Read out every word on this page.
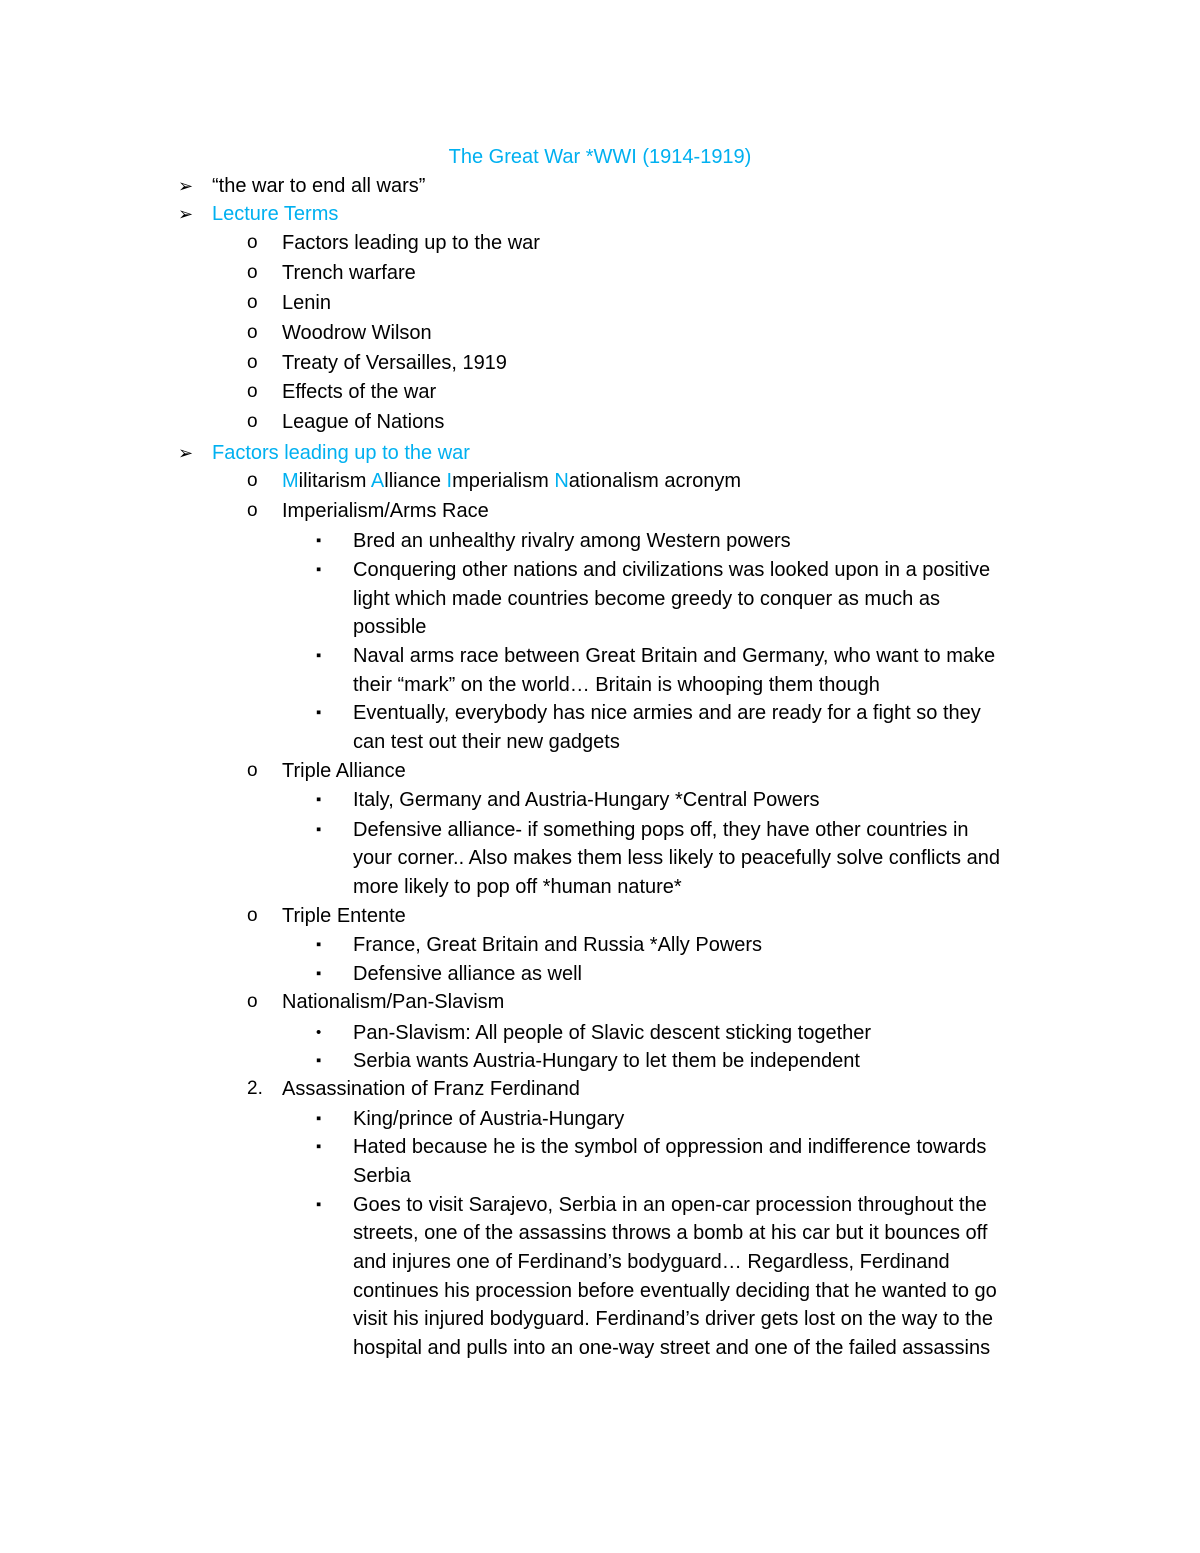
The Great War *WWI (1914-1919)
➢ “the war to end all wars”
➢ Lecture Terms
o Factors leading up to the war
o Trench warfare
o Lenin
o Woodrow Wilson
o Treaty of Versailles, 1919
o Effects of the war
o League of Nations
➢ Factors leading up to the war
o Militarism Alliance Imperialism Nationalism acronym
o Imperialism/Arms Race
▪ Bred an unhealthy rivalry among Western powers
▪ Conquering other nations and civilizations was looked upon in a positive
light which made countries become greedy to conquer as much as
possible
▪ Naval arms race between Great Britain and Germany, who want to make
their “mark” on the world… Britain is whooping them though
▪ Eventually, everybody has nice armies and are ready for a fight so they
can test out their new gadgets
o Triple Alliance
▪ Italy, Germany and Austria-Hungary *Central Powers
▪ Defensive alliance- if something pops off, they have other countries in
your corner.. Also makes them less likely to peacefully solve conflicts and
more likely to pop off *human nature*
o Triple Entente
▪ France, Great Britain and Russia *Ally Powers
▪ Defensive alliance as well
o Nationalism/Pan-Slavism
• Pan-Slavism: All people of Slavic descent sticking together
▪ Serbia wants Austria-Hungary to let them be independent
2. Assassination of Franz Ferdinand
▪ King/prince of Austria-Hungary
▪ Hated because he is the symbol of oppression and indifference towards
Serbia
▪ Goes to visit Sarajevo, Serbia in an open-car procession throughout the
streets, one of the assassins throws a bomb at his car but it bounces off
and injures one of Ferdinand’s bodyguard… Regardless, Ferdinand
continues his procession before eventually deciding that he wanted to go
visit his injured bodyguard. Ferdinand’s driver gets lost on the way to the
hospital and pulls into an one-way street and one of the failed assassins
